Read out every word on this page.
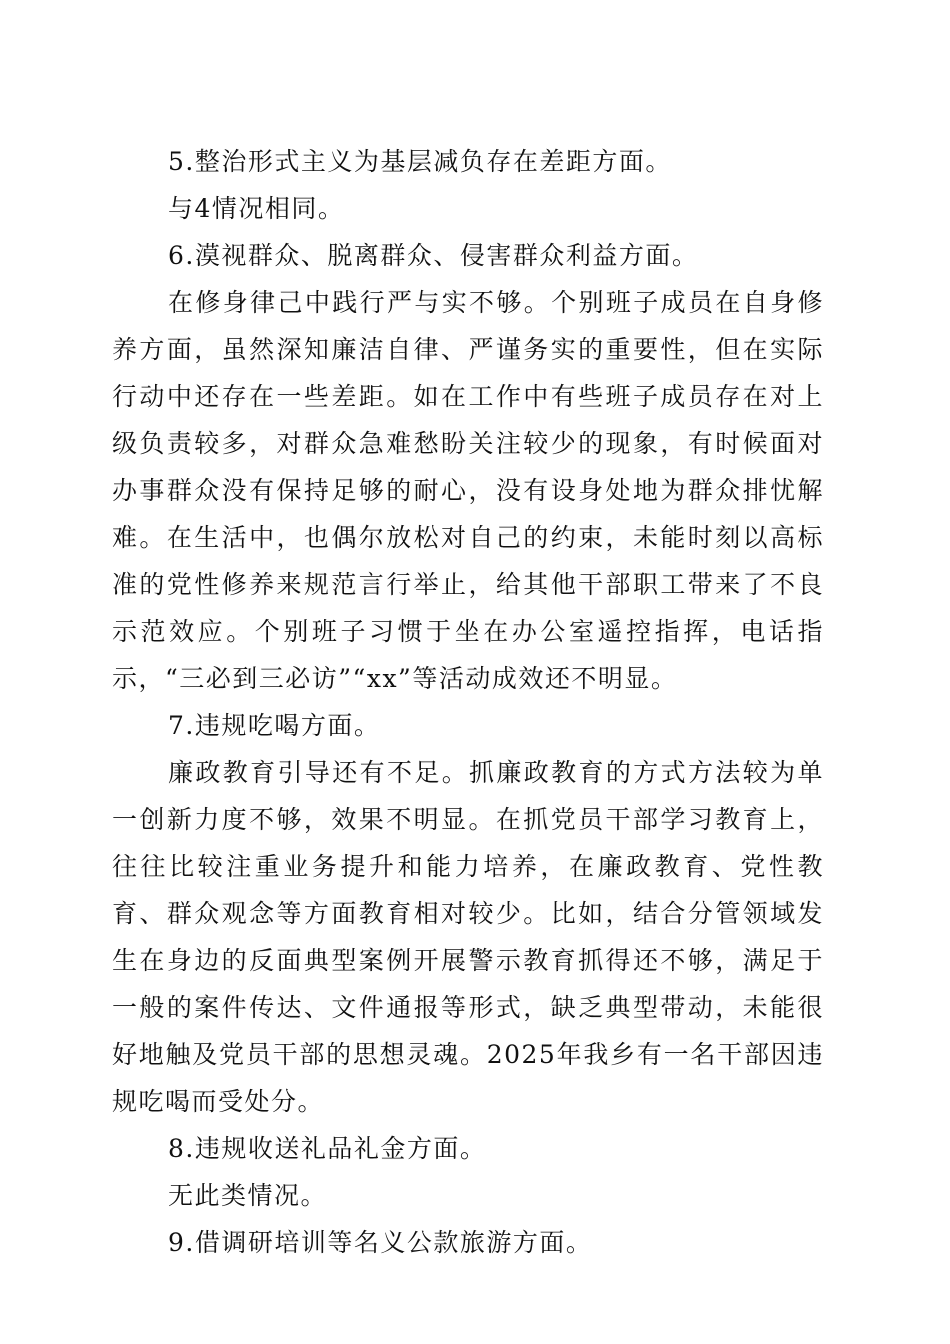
5.整治形式主义为基层减负存在差距方面。

与4情况相同。

6.漠视群众、脱离群众、侵害群众利益方面。

在修身律己中践行严与实不够。个别班子成员在自身修养方面，虽然深知廉洁自律、严谨务实的重要性，但在实际行动中还存在一些差距。如在工作中有些班子成员存在对上级负责较多，对群众急难愁盼关注较少的现象，有时候面对办事群众没有保持足够的耐心，没有设身处地为群众排忧解难。在生活中，也偶尔放松对自己的约束，未能时刻以高标准的党性修养来规范言行举止，给其他干部职工带来了不良示范效应。个别班子习惯于坐在办公室遥控指挥，电话指示，“三必到三必访”“xx”等活动成效还不明显。

7.违规吃喝方面。

廉政教育引导还有不足。抓廉政教育的方式方法较为单一创新力度不够，效果不明显。在抓党员干部学习教育上，往往比较注重业务提升和能力培养，在廉政教育、党性教育、群众观念等方面教育相对较少。比如，结合分管领域发生在身边的反面典型案例开展警示教育抓得还不够，满足于一般的案件传达、文件通报等形式，缺乏典型带动，未能很好地触及党员干部的思想灵魂。2025年我乡有一名干部因违规吃喝而受处分。

8.违规收送礼品礼金方面。

无此类情况。

9.借调研培训等名义公款旅游方面。
